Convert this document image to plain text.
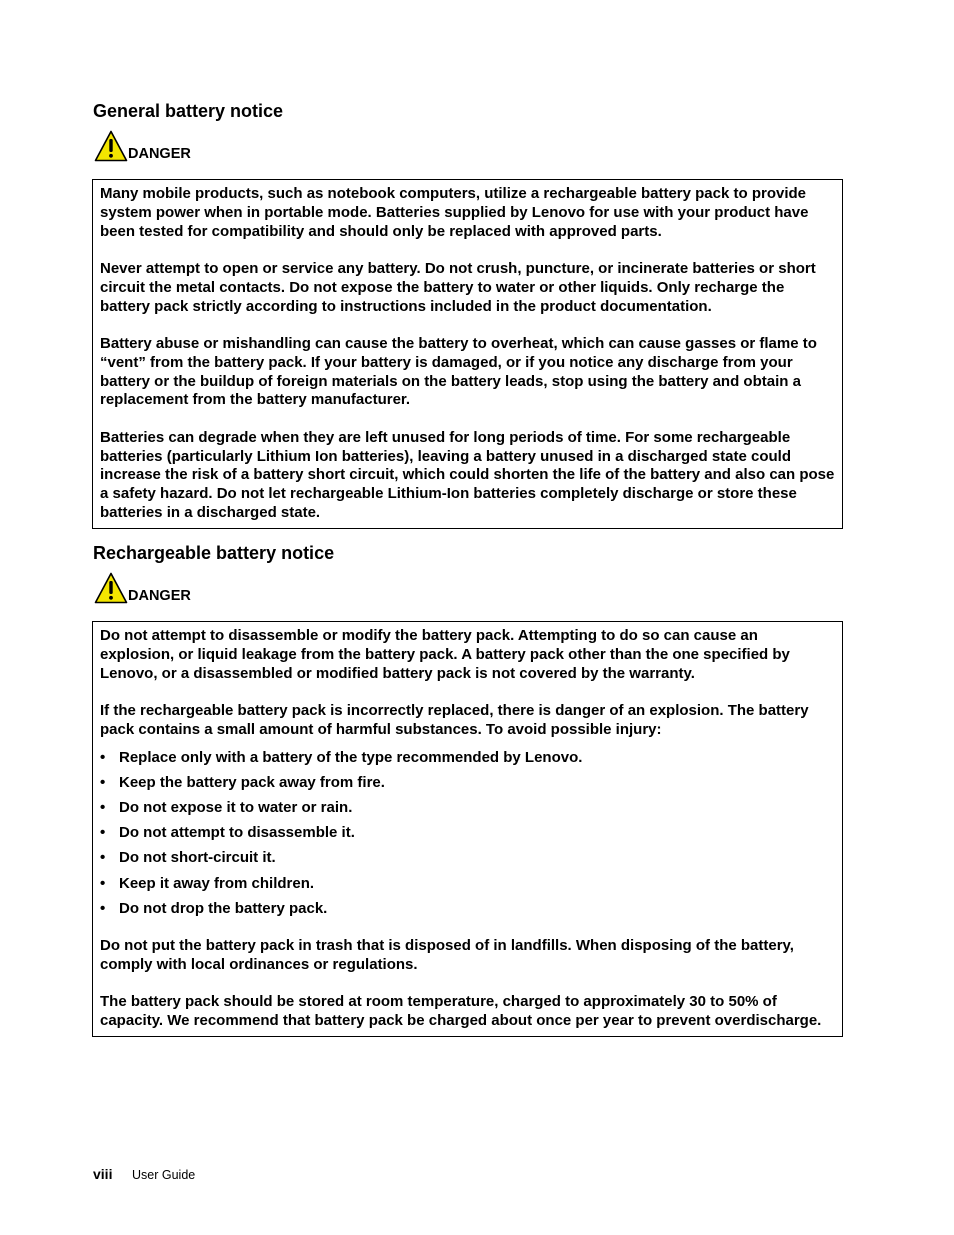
General battery notice
DANGER

Many mobile products, such as notebook computers, utilize a rechargeable battery pack to provide system power when in portable mode. Batteries supplied by Lenovo for use with your product have been tested for compatibility and should only be replaced with approved parts.

Never attempt to open or service any battery. Do not crush, puncture, or incinerate batteries or short circuit the metal contacts. Do not expose the battery to water or other liquids. Only recharge the battery pack strictly according to instructions included in the product documentation.

Battery abuse or mishandling can cause the battery to overheat, which can cause gasses or flame to “vent” from the battery pack. If your battery is damaged, or if you notice any discharge from your battery or the buildup of foreign materials on the battery leads, stop using the battery and obtain a replacement from the battery manufacturer.

Batteries can degrade when they are left unused for long periods of time. For some rechargeable batteries (particularly Lithium Ion batteries), leaving a battery unused in a discharged state could increase the risk of a battery short circuit, which could shorten the life of the battery and also can pose a safety hazard. Do not let rechargeable Lithium-Ion batteries completely discharge or store these batteries in a discharged state.

Rechargeable battery notice
DANGER

Do not attempt to disassemble or modify the battery pack. Attempting to do so can cause an explosion, or liquid leakage from the battery pack. A battery pack other than the one specified by Lenovo, or a disassembled or modified battery pack is not covered by the warranty.

If the rechargeable battery pack is incorrectly replaced, there is danger of an explosion. The battery pack contains a small amount of harmful substances. To avoid possible injury:

• Replace only with a battery of the type recommended by Lenovo.
• Keep the battery pack away from fire.
• Do not expose it to water or rain.
• Do not attempt to disassemble it.
• Do not short-circuit it.
• Keep it away from children.
• Do not drop the battery pack.

Do not put the battery pack in trash that is disposed of in landfills. When disposing of the battery, comply with local ordinances or regulations.

The battery pack should be stored at room temperature, charged to approximately 30 to 50% of capacity. We recommend that battery pack be charged about once per year to prevent overdischarge.

viii	User Guide
